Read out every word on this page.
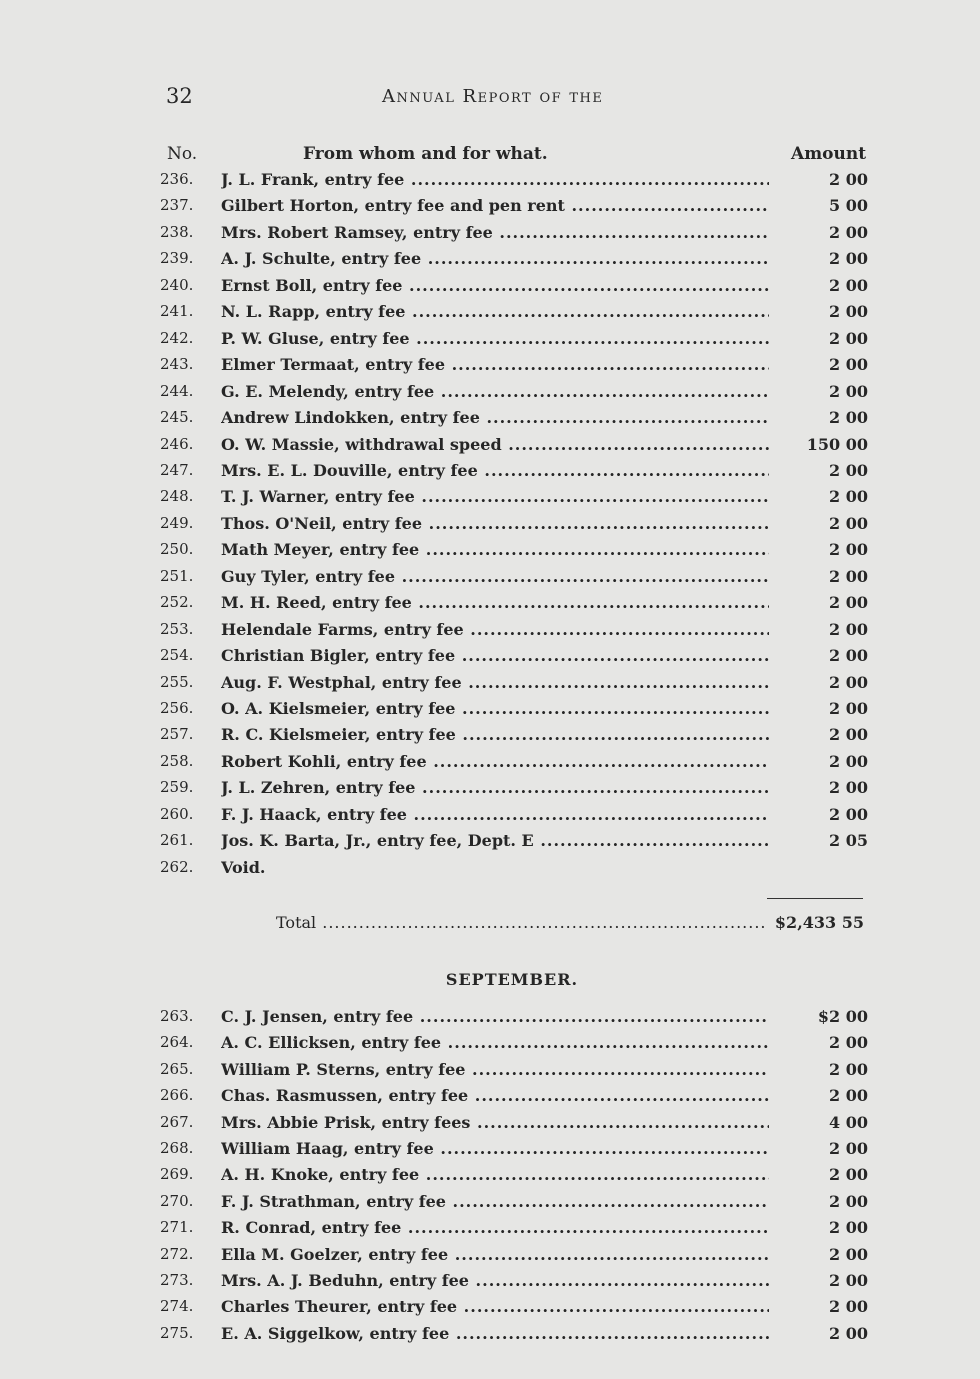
32	Annual Report of the
No.	From whom and for what.	Amount
236.	J. L. Frank, entry fee .....	2 00
237.	Gilbert Horton, entry fee and pen rent .....	5 00
238.	Mrs. Robert Ramsey, entry fee .....	2 00
239.	A. J. Schulte, entry fee .....	2 00
240.	Ernst Boll, entry fee .....	2 00
241.	N. L. Rapp, entry fee .....	2 00
242.	P. W. Gluse, entry fee .....	2 00
243.	Elmer Termaat, entry fee .....	2 00
244.	G. E. Melendy, entry fee .....	2 00
245.	Andrew Lindokken, entry fee .....	2 00
246.	O. W. Massie, withdrawal speed .....	150 00
247.	Mrs. E. L. Douville, entry fee .....	2 00
248.	T. J. Warner, entry fee .....	2 00
249.	Thos. O'Neil, entry fee .....	2 00
250.	Math Meyer, entry fee .....	2 00
251.	Guy Tyler, entry fee .....	2 00
252.	M. H. Reed, entry fee .....	2 00
253.	Helendale Farms, entry fee .....	2 00
254.	Christian Bigler, entry fee .....	2 00
255.	Aug. F. Westphal, entry fee .....	2 00
256.	O. A. Kielsmeier, entry fee .....	2 00
257.	R. C. Kielsmeier, entry fee .....	2 00
258.	Robert Kohli, entry fee .....	2 00
259.	J. L. Zehren, entry fee .....	2 00
260.	F. J. Haack, entry fee .....	2 00
261.	Jos. K. Barta, Jr., entry fee, Dept. E .....	2 05
262.	Void.
Total .....	$2,433 55
SEPTEMBER.
263.	C. J. Jensen, entry fee .....	$2 00
264.	A. C. Ellicksen, entry fee .....	2 00
265.	William P. Sterns, entry fee .....	2 00
266.	Chas. Rasmussen, entry fee .....	2 00
267.	Mrs. Abbie Prisk, entry fees .....	4 00
268.	William Haag, entry fee .....	2 00
269.	A. H. Knoke, entry fee .....	2 00
270.	F. J. Strathman, entry fee .....	2 00
271.	R. Conrad, entry fee .....	2 00
272.	Ella M. Goelzer, entry fee .....	2 00
273.	Mrs. A. J. Beduhn, entry fee .....	2 00
274.	Charles Theurer, entry fee .....	2 00
275.	E. A. Siggelkow, entry fee .....	2 00
